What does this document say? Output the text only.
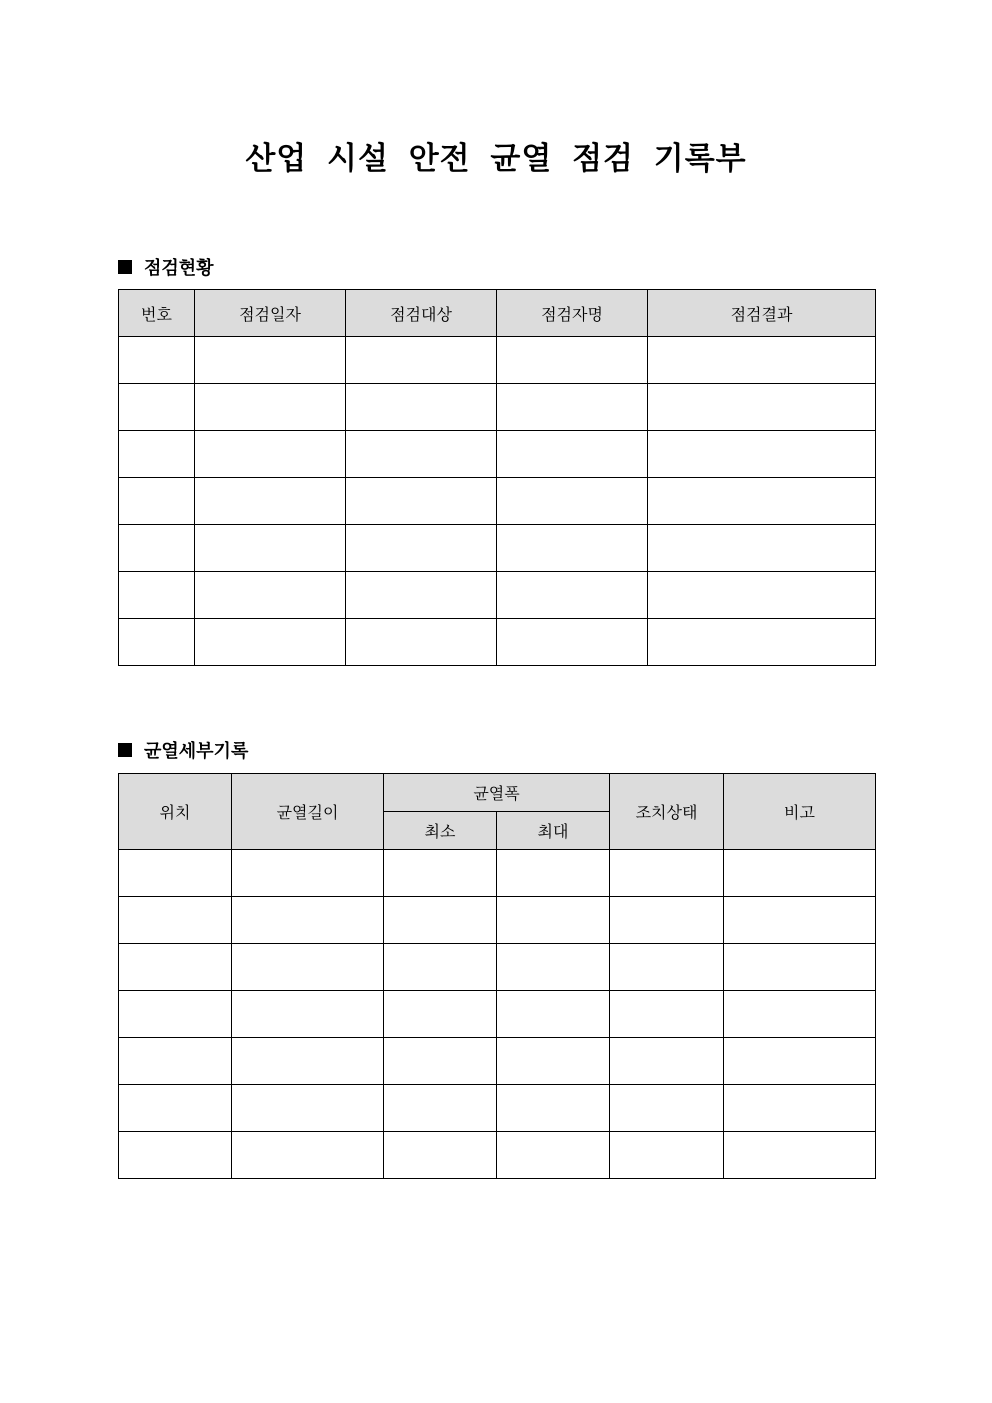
산업 시설 안전 균열 점검 기록부
점검현황
번호	점검일자	점검대상	점검자명	점검결과

균열세부기록
위치	균열길이	균열폭		조치상태	비고
		최소	최대		
